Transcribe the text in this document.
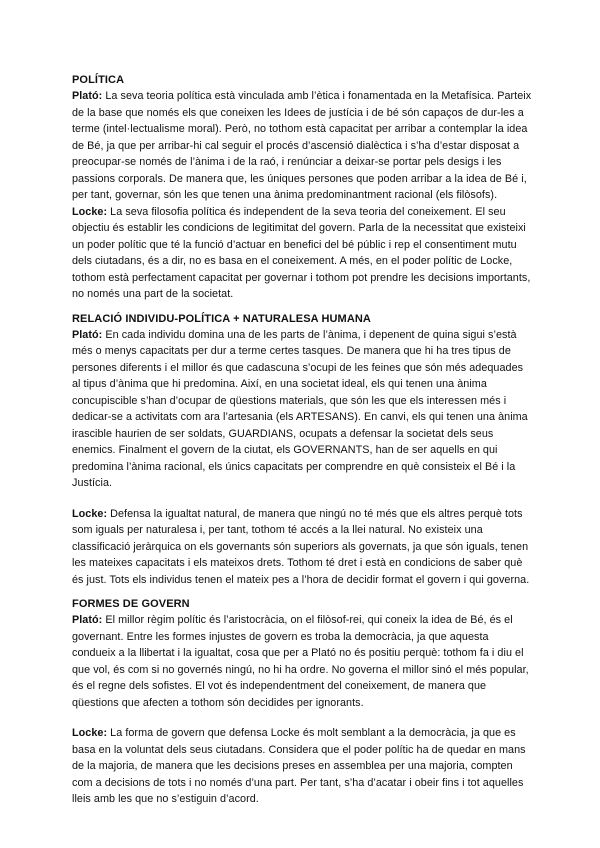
POLÍTICA

Plató: La seva teoria política està vinculada amb l’ètica i fonamentada en la Metafísica. Parteix de la base que només els que coneixen les Idees de justícia i de bé són capaços de dur-les a terme (intel·lectualisme moral). Però, no tothom està capacitat per arribar a contemplar la idea de Bé, ja que per arribar-hi cal seguir el procés d’ascensió dialèctica i s’ha d’estar disposat a preocupar-se només de l’ànima i de la raó, i renúnciar a deixar-se portar pels desigs i les passions corporals. De manera que, les úniques persones que poden arribar a la idea de Bé i, per tant, governar, són les que tenen una ànima predominantment racional (els filòsofs).

Locke: La seva filosofia política és independent de la seva teoria del coneixement. El seu objectiu és establir les condicions de legitimitat del govern. Parla de la necessitat que existeixi un poder polític que té la funció d’actuar en benefici del bé públic i rep el consentiment mutu dels ciutadans, és a dir, no es basa en el coneixement. A més, en el poder polític de Locke, tothom està perfectament capacitat per governar i tothom pot prendre les decisions importants, no només una part de la societat.

RELACIÓ INDIVIDU-POLÍTICA + NATURALESA HUMANA

Plató: En cada individu domina una de les parts de l’ànima, i depenent de quina sigui s’està més o menys capacitats per dur a terme certes tasques. De manera que hi ha tres tipus de persones diferents i el millor és que cadascuna s’ocupi de les feines que són més adequades al tipus d’ànima que hi predomina. Així, en una societat ideal, els qui tenen una ànima concupiscible s’han d’ocupar de qüestions materials, que són les que els interessen més i dedicar-se a activitats com ara l’artesania (els ARTESANS). En canvi, els qui tenen una ànima irascible haurien de ser soldats, GUARDIANS, ocupats a defensar la societat dels seus enemics. Finalment el govern de la ciutat, els GOVERNANTS, han de ser aquells en qui predomina l’ànima racional, els únics capacitats per comprendre en què consisteix el Bé i la Justícia.

Locke: Defensa la igualtat natural, de manera que ningú no té més que els altres perquè tots som iguals per naturalesa i, per tant, tothom té accés a la llei natural. No existeix una classificació jeràrquica on els governants són superiors als governats, ja que són iguals, tenen les mateixes capacitats i els mateixos drets. Tothom té dret i està en condicions de saber què és just. Tots els individus tenen el mateix pes a l’hora de decidir format el govern i qui governa.

FORMES DE GOVERN

Plató: El millor règim polític és l’aristocràcia, on el filòsof-rei, qui coneix la idea de Bé, és el governant. Entre les formes injustes de govern es troba la democràcia, ja que aquesta condueix a la llibertat i la igualtat, cosa que per a Plató no és positiu perquè: tothom fa i diu el que vol, és com si no governés ningú, no hi ha ordre. No governa el millor sinó el més popular, és el regne dels sofistes. El vot és independentment del coneixement, de manera que qüestions que afecten a tothom són decidides per ignorants.

Locke: La forma de govern que defensa Locke és molt semblant a la democràcia, ja que es basa en la voluntat dels seus ciutadans. Considera que el poder polític ha de quedar en mans de la majoria, de manera que les decisions preses en assemblea per una majoria, compten com a decisions de tots i no només d’una part. Per tant, s’ha d’acatar i obeir fins i tot aquelles lleis amb les que no s’estiguin d’acord.
